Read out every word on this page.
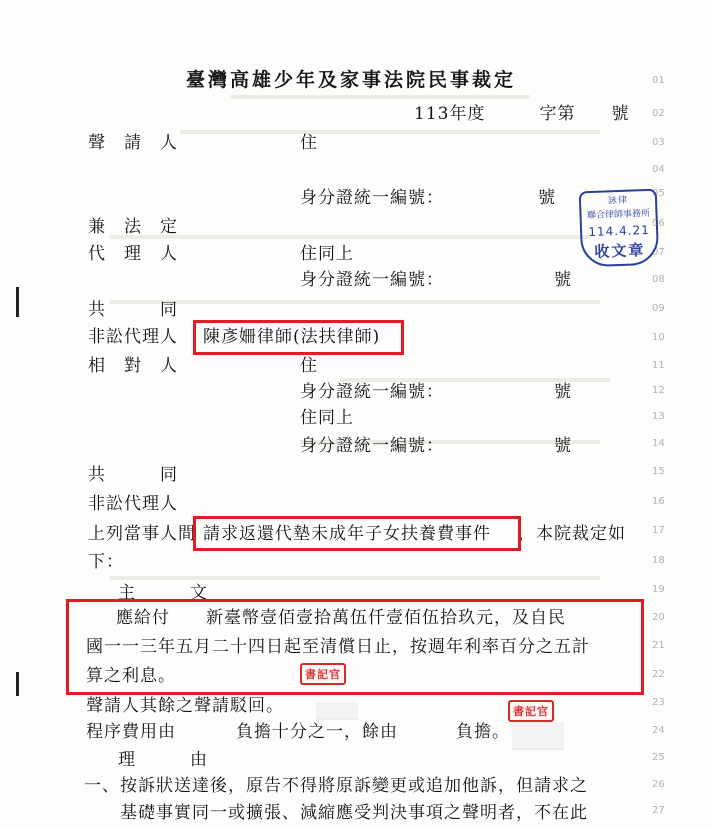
01
02
03
04
05
06
07
08
09
10
11
12
13
14
15
16
17
18
19
20
21
22
23
24
25
26
27
臺灣高雄少年及家事法院民事裁定
113年度　　　字第　　號
聲　請　人	住
身分證統一編號：	號
兼　法　定
代　理　人	住同上
身分證統一編號：	號
共　　　同
非訟代理人 陳彥姍律師(法扶律師)
相　對　人	住
身分證統一編號：	號
住同上
身分證統一編號：	號
共　　　同
非訟代理人
上列當事人間 請求返還代墊未成年子女扶養費事件 ，本院裁定如
下：
主　　　文
應給付　　新臺幣壹佰壹拾萬伍仟壹佰伍拾玖元，及自民
國一一三年五月二十四日起至清償日止，按週年利率百分之五計
算之利息。	書記官
聲請人其餘之聲請駁回。
程序費用由	負擔十分之一，餘由	負擔。
書記官
理　　　由
一、按訴狀送達後，原告不得將原訴變更或追加他訴，但請求之
基礎事實同一或擴張、減縮應受判決事項之聲明者，不在此
詠律
聯合律師事務所
114.4.21
收文章
